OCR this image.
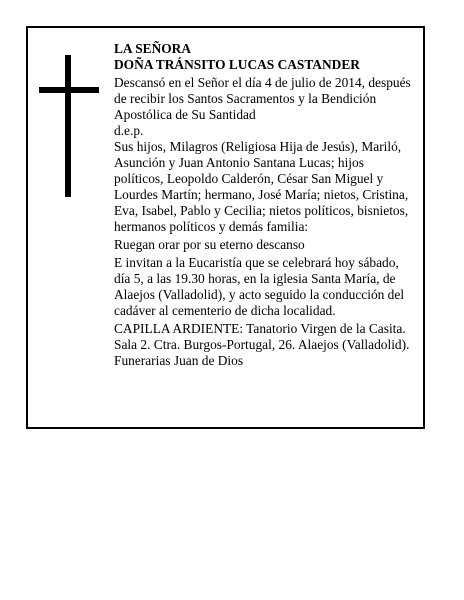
LA SEÑORA
DOÑA TRÁNSITO LUCAS CASTANDER
Descansó en el Señor el día 4 de julio de 2014, después
de recibir los Santos Sacramentos y la Bendición
Apostólica de Su Santidad
d.e.p.
Sus hijos, Milagros (Religiosa Hija de Jesús), Mariló,
Asunción y Juan Antonio Santana Lucas; hijos
políticos, Leopoldo Calderón, César San Miguel y
Lourdes Martín; hermano, José María; nietos, Cristina,
Eva, Isabel, Pablo y Cecilia; nietos políticos, bisnietos,
hermanos políticos y demás familia:
Ruegan orar por su eterno descanso
E invitan a la Eucaristía que se celebrará hoy sábado,
día 5, a las 19.30 horas, en la iglesia Santa María, de
Alaejos (Valladolid), y acto seguido la conducción del
cadáver al cementerio de dicha localidad.
CAPILLA ARDIENTE: Tanatorio Virgen de la Casita.
Sala 2. Ctra. Burgos-Portugal, 26. Alaejos (Valladolid).
Funerarias Juan de Dios
